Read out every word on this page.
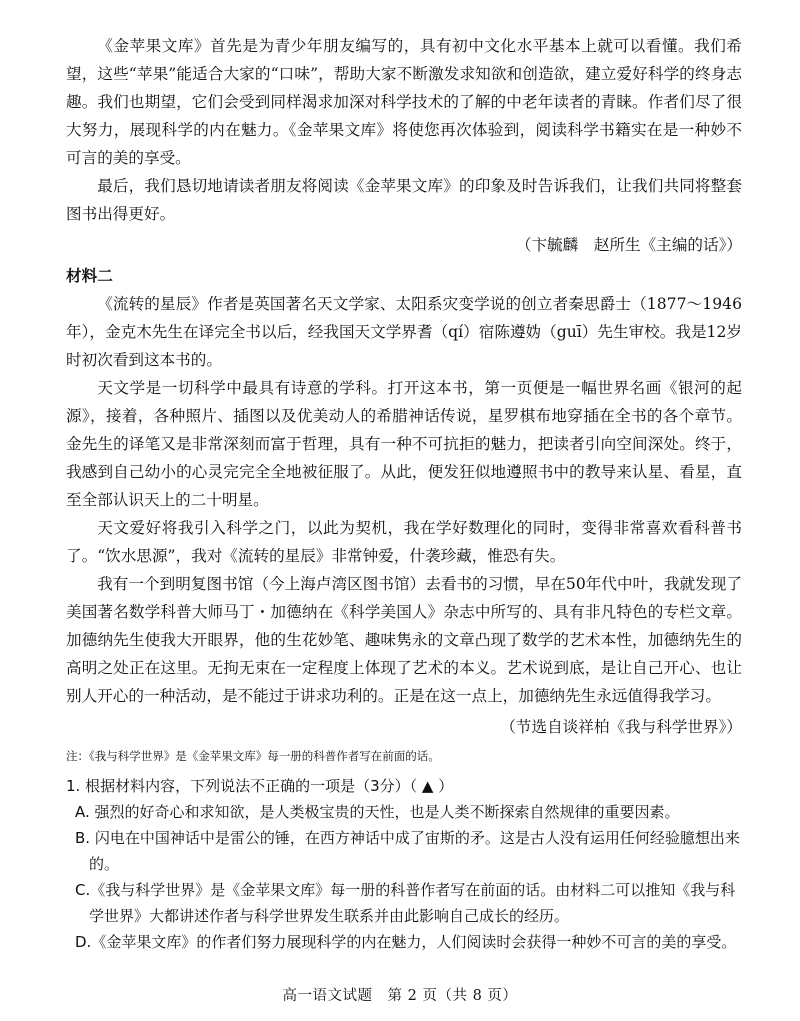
《金苹果文库》首先是为青少年朋友编写的，具有初中文化水平基本上就可以看懂。我们希望，这些“苹果”能适合大家的“口味”，帮助大家不断激发求知欲和创造欲，建立爱好科学的终身志趣。我们也期望，它们会受到同样渴求加深对科学技术的了解的中老年读者的青睐。作者们尽了很大努力，展现科学的内在魅力。《金苹果文库》将使您再次体验到，阅读科学书籍实在是一种妙不可言的美的享受。

最后，我们恳切地请读者朋友将阅读《金苹果文库》的印象及时告诉我们，让我们共同将整套图书出得更好。

（卞毓麟　赵所生《主编的话》）

材料二

《流转的星辰》作者是英国著名天文学家、太阳系灾变学说的创立者秦思爵士（1877～1946年），金克木先生在译完全书以后，经我国天文学界耆（qí）宿陈遵妫（guī）先生审校。我是12岁时初次看到这本书的。

天文学是一切科学中最具有诗意的学科。打开这本书，第一页便是一幅世界名画《银河的起源》，接着，各种照片、插图以及优美动人的希腊神话传说，星罗棋布地穿插在全书的各个章节。金先生的译笔又是非常深刻而富于哲理，具有一种不可抗拒的魅力，把读者引向空间深处。终于，我感到自己幼小的心灵完完全全地被征服了。从此，便发狂似地遵照书中的教导来认星、看星，直至全部认识天上的二十明星。

天文爱好将我引入科学之门，以此为契机，我在学好数理化的同时，变得非常喜欢看科普书了。“饮水思源”，我对《流转的星辰》非常钟爱，什袭珍藏，惟恐有失。

我有一个到明复图书馆（今上海卢湾区图书馆）去看书的习惯，早在50年代中叶，我就发现了美国著名数学科普大师马丁・加德纳在《科学美国人》杂志中所写的、具有非凡特色的专栏文章。加德纳先生使我大开眼界，他的生花妙笔、趣味隽永的文章凸现了数学的艺术本性，加德纳先生的高明之处正在这里。无拘无束在一定程度上体现了艺术的本义。艺术说到底，是让自己开心、也让别人开心的一种活动，是不能过于讲求功利的。正是在这一点上，加德纳先生永远值得我学习。

（节选自谈祥柏《我与科学世界》）

注：《我与科学世界》是《金苹果文库》每一册的科普作者写在前面的话。

1. 根据材料内容，下列说法不正确的一项是（3分）（ ▲ ）

A. 强烈的好奇心和求知欲，是人类极宝贵的天性，也是人类不断探索自然规律的重要因素。

B. 闪电在中国神话中是雷公的锤，在西方神话中成了宙斯的矛。这是古人没有运用任何经验臆想出来的。

C.《我与科学世界》是《金苹果文库》每一册的科普作者写在前面的话。由材料二可以推知《我与科学世界》大都讲述作者与科学世界发生联系并由此影响自己成长的经历。

D.《金苹果文库》的作者们努力展现科学的内在魅力，人们阅读时会获得一种妙不可言的美的享受。

高一语文试题　第 2 页（共 8 页）
